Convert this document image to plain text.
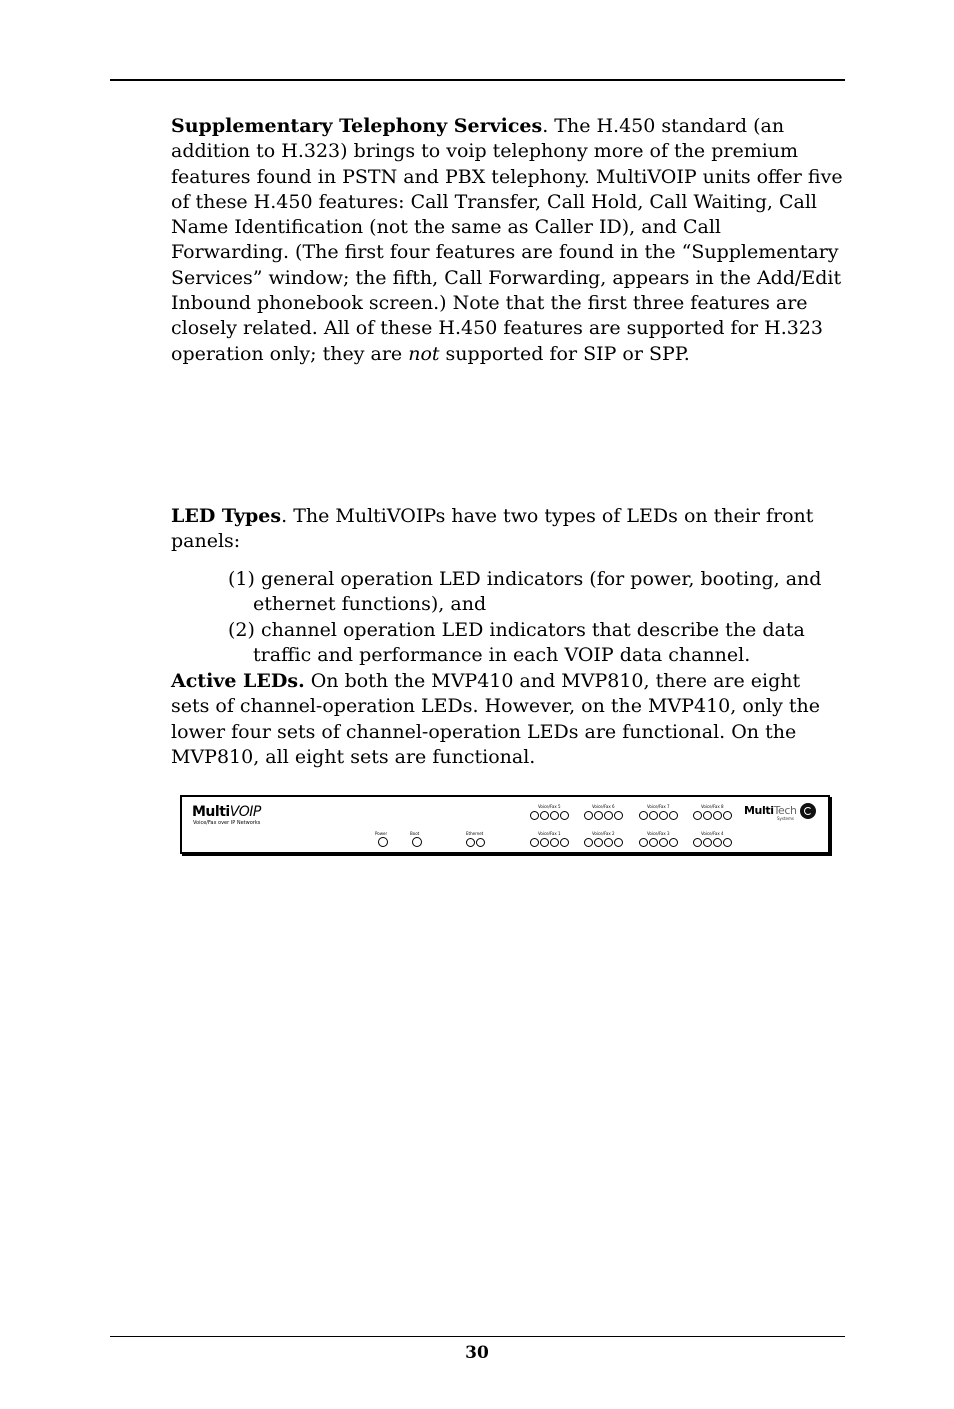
Supplementary Telephony Services. The H.450 standard (an addition to H.323) brings to voip telephony more of the premium features found in PSTN and PBX telephony. MultiVOIP units offer five of these H.450 features: Call Transfer, Call Hold, Call Waiting, Call Name Identification (not the same as Caller ID), and Call Forwarding. (The first four features are found in the “Supplementary Services” window; the fifth, Call Forwarding, appears in the Add/Edit Inbound phonebook screen.) Note that the first three features are closely related. All of these H.450 features are supported for H.323 operation only; they are not supported for SIP or SPP.

LED Types. The MultiVOIPs have two types of LEDs on their front panels:

(1) general operation LED indicators (for power, booting, and ethernet functions), and
(2) channel operation LED indicators that describe the data traffic and performance in each VOIP data channel.

Active LEDs. On both the MVP410 and MVP810, there are eight sets of channel-operation LEDs. However, on the MVP410, only the lower four sets of channel-operation LEDs are functional. On the MVP810, all eight sets are functional.

MultiVOIP
Voice/Fax over IP Networks
MultiTech
Systems
Voice/Fax 5	Voice/Fax 6	Voice/Fax 7	Voice/Fax 8
Power	Boot	Ethernet	Voice/Fax 1	Voice/Fax 2	Voice/Fax 3	Voice/Fax 4
30
